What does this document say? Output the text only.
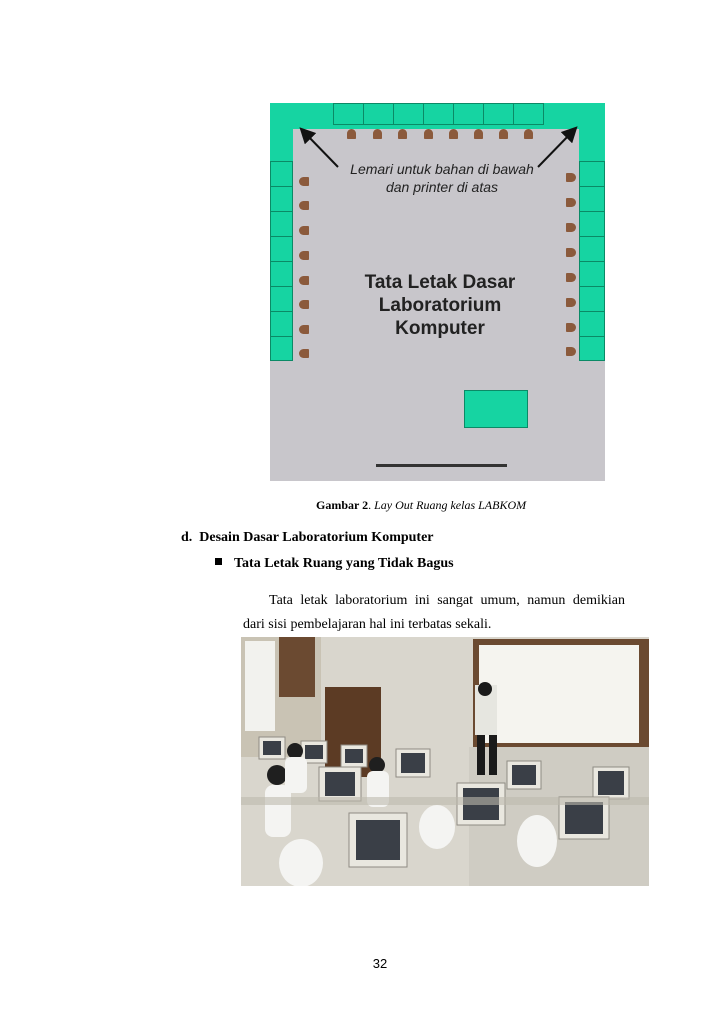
Lemari untuk bahan di bawah
dan printer di atas
Tata Letak Dasar
Laboratorium
Komputer
Gambar 2. Lay Out Ruang kelas LABKOM
d.  Desain Dasar Laboratorium Komputer
Tata Letak Ruang yang Tidak Bagus
Tata letak laboratorium ini sangat umum, namun demikian
dari sisi pembelajaran hal ini terbatas sekali.
32
